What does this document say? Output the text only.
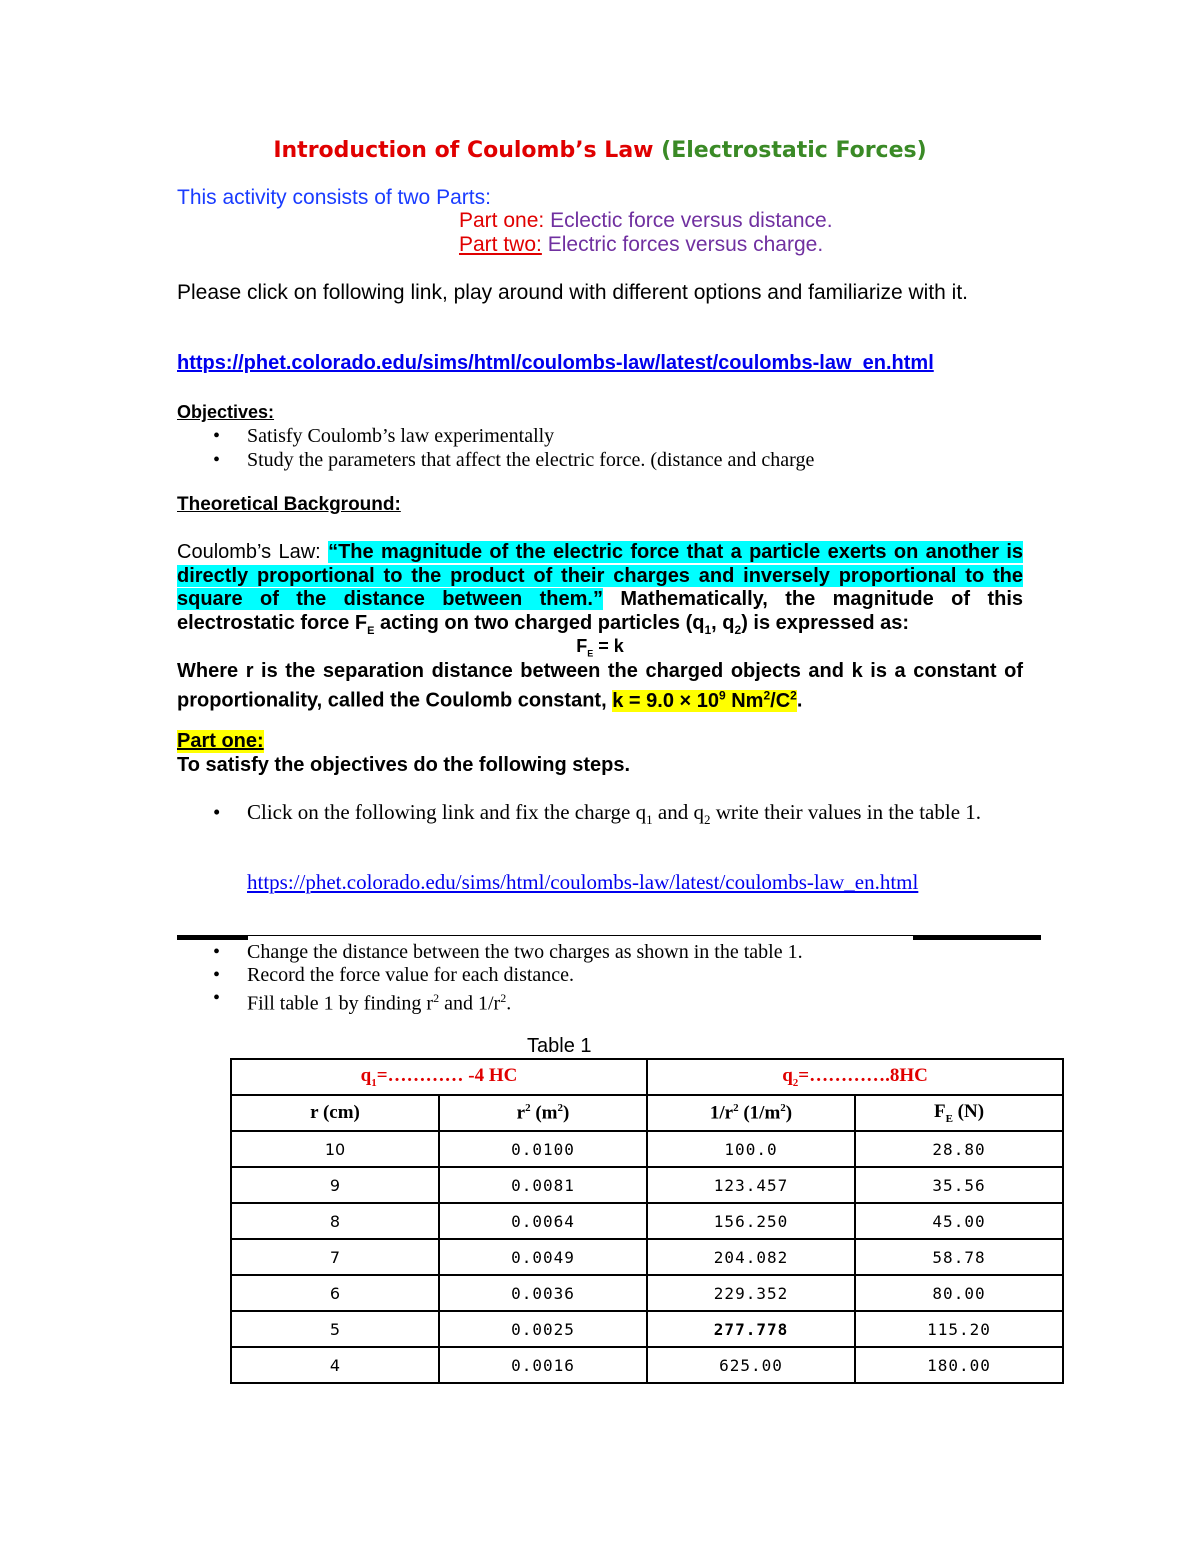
Introduction of Coulomb’s Law (Electrostatic Forces)
This activity consists of two Parts:
Part one: Eclectic force versus distance.
Part two: Electric forces versus charge.
Please click on following link, play around with different options and familiarize with it.
https://phet.colorado.edu/sims/html/coulombs-law/latest/coulombs-law_en.html
Objectives:
• Satisfy Coulomb’s law experimentally
• Study the parameters that affect the electric force. (distance and charge
Theoretical Background:
Coulomb’s Law: “The magnitude of the electric force that a particle exerts on another is directly proportional to the product of their charges and inversely proportional to the square of the distance between them.” Mathematically, the magnitude of this electrostatic force $F_E$ acting on two charged particles ($q_1$, $q_2$) is expressed as:
$F_E = k$
Where r is the separation distance between the charged objects and k is a constant of proportionality, called the Coulomb constant, $k = 9.0 \times 10^9$ $Nm^2/C^2$.
Part one:
To satisfy the objectives do the following steps.
• Click on the following link and fix the charge $q_1$ and $q_2$ write their values in the table 1.
https://phet.colorado.edu/sims/html/coulombs-law/latest/coulombs-law_en.html
• Change the distance between the two charges as shown in the table 1.
• Record the force value for each distance.
• Fill table 1 by finding $r^2$ and $1/r^2$.
Table 1
$q_1=\dots\dots\dots\dots$ -4 HC		$q_2=\dots\dots\dots\dots.8HC$	
r (cm)	$r^2$ $(m^2)$	$1/r^2$ $(1/m^2)$	$F_E$ (N)
10	0.0100	100.0	28.80
9	0.0081	123.457	35.56
8	0.0064	156.250	45.00
7	0.0049	204.082	58.78
6	0.0036	229.352	80.00
5	0.0025	277.778	115.20
4	0.0016	625.00	180.00
